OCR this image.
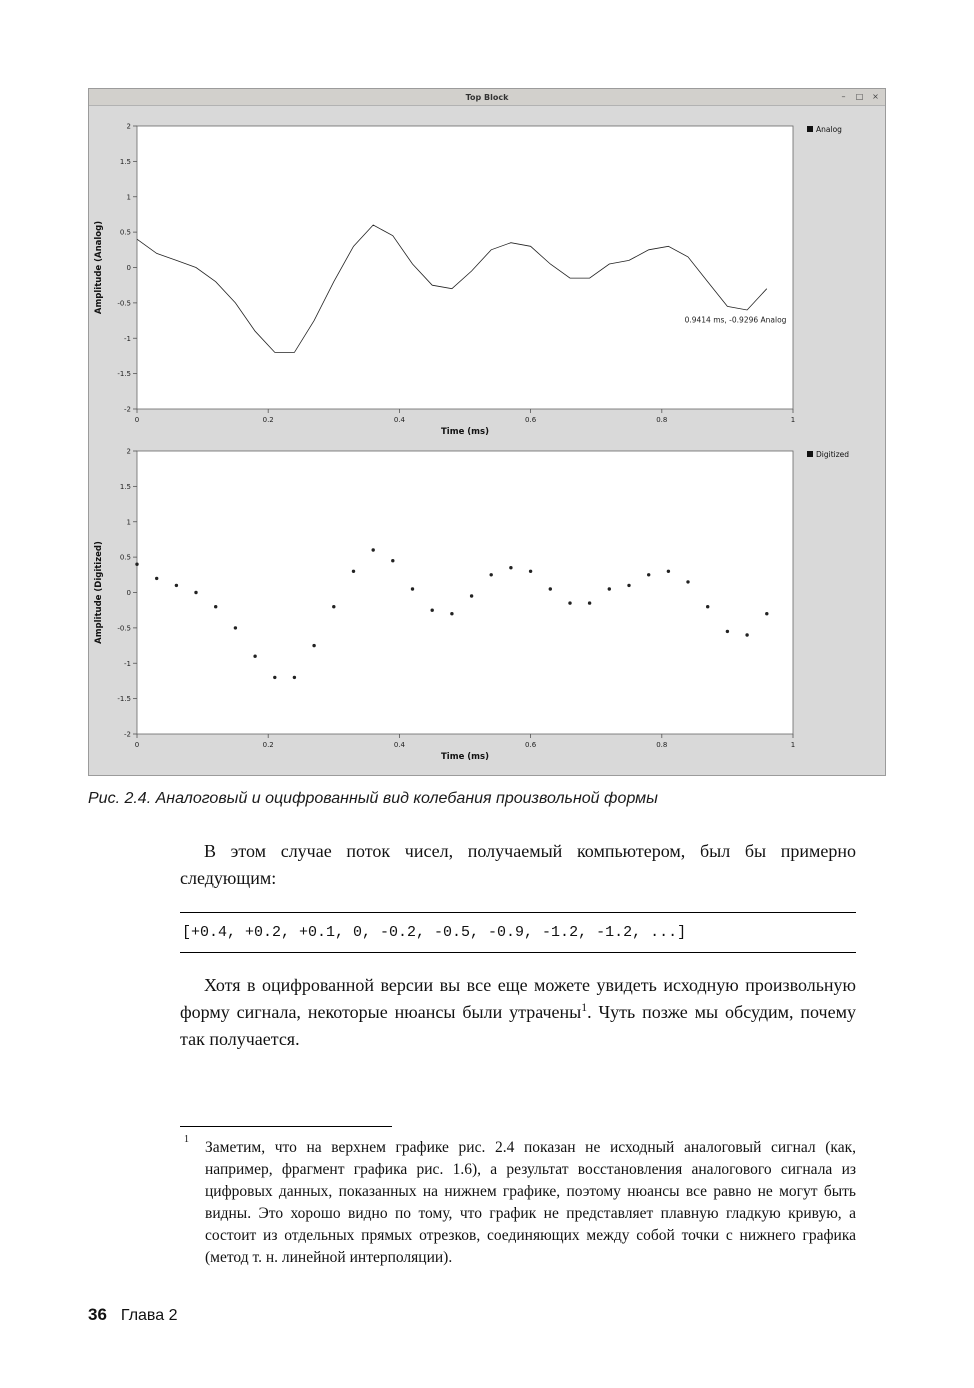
Top Block	–	□ ×
2
1.5
1
0.5
0
-0.5
-1
-1.5
-2
0	0.2	0.4	0.6	0.8	1
Time (ms)
Amplitude (Analog)
Analog
0.9414 ms, -0.9296 Analog
2
1.5
1
0.5
0
-0.5
-1
-1.5
-2
0	0.2	0.4	0.6	0.8	1
Time (ms)
Amplitude (Digitized)
Digitized
Рис. 2.4. Аналоговый и оцифрованный вид колебания произвольной формы

В этом случае поток чисел, получаемый компьютером, был бы примерно следующим:

[+0.4, +0.2, +0.1, 0, -0.2, -0.5, -0.9, -1.2, -1.2, ...]

Хотя в оцифрованной версии вы все еще можете увидеть исходную произвольную форму сигнала, некоторые нюансы были утрачены$^1$. Чуть позже мы обсудим, почему так получается.

1 Заметим, что на верхнем графике рис. 2.4 показан не исходный аналоговый сигнал (как, например, фрагмент графика рис. 1.6), а результат восстановления аналогового сигнала из цифровых данных, показанных на нижнем графике, поэтому нюансы все равно не могут быть видны. Это хорошо видно по тому, что график не представляет плавную гладкую кривую, а состоит из отдельных прямых отрезков, соединяющих между собой точки с нижнего графика (метод т. н. линейной интерполяции).
36 Глава 2
